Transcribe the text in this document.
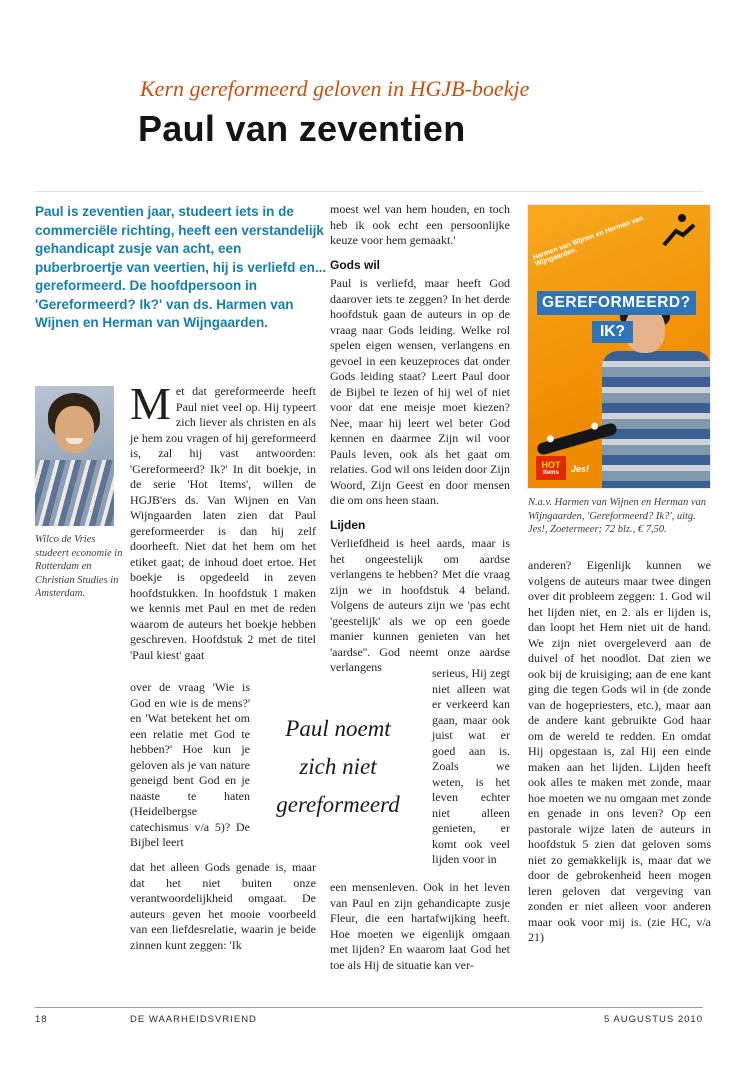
Kern gereformeerd geloven in HGJB-boekje
Paul van zeventien

Paul is zeventien jaar, studeert iets in de commerciële richting, heeft een verstandelijk gehandicapt zusje van acht, een puberbroertje van veertien, hij is verliefd en... gereformeerd. De hoofdpersoon in 'Gereformeerd? Ik?' van ds. Harmen van Wijnen en Herman van Wijngaarden.

Wilco de Vries studeert economie in Rotterdam en Christian Studies in Amsterdam.
Harmen van Wijnen en Herman van Wijngaarden.
GEREFORMEERD?
IK?
HOT
items Jes!
N.a.v. Harmen van Wijnen en Herman van Wijngaarden, 'Gereformeerd? Ik?', uitg. Jes!, Zoetermeer; 72 blz., € 7,50.
Met dat gereformeerde heeft Paul niet veel op. Hij typeert zich liever als christen en als je hem zou vragen of hij gereformeerd is, zal hij vast antwoorden: 'Gereformeerd? Ik?' In dit boekje, in de serie 'Hot Items', willen de HGJB'ers ds. Van Wijnen en Van Wijngaarden laten zien dat Paul gereformeerder is dan hij zelf doorheeft. Niet dat het hem om het etiket gaat; de inhoud doet ertoe. Het boekje is opgedeeld in zeven hoofdstukken. In hoofdstuk 1 maken we kennis met Paul en met de reden waarom de auteurs het boekje hebben geschreven. Hoofdstuk 2 met de titel 'Paul kiest' gaat
over de vraag 'Wie is God en wie is de mens?' en 'Wat betekent het om een relatie met God te hebben?' Hoe kun je geloven als je van nature geneigd bent God en je naaste te haten (Heidelbergse catechismus v/a 5)? De Bijbel leert
dat het alleen Gods genade is, maar dat het niet buiten onze verantwoordelijkheid omgaat. De auteurs geven het mooie voorbeeld van een liefdesrelatie, waarin je beide zinnen kunt zeggen: 'Ik
moest wel van hem houden, en toch heb ik ook echt een persoonlijke keuze voor hem gemaakt.'
Gods wil
Paul is verliefd, maar heeft God daarover iets te zeggen? In het derde hoofdstuk gaan de auteurs in op de vraag naar Gods leiding. Welke rol spelen eigen wensen, verlangens en gevoel in een keuzeproces dat onder Gods leiding staat? Leert Paul door de Bijbel te lezen of hij wel of niet voor dat ene meisje moet kiezen? Nee, maar hij leert wel beter God kennen en daarmee Zijn wil voor Pauls leven, ook als het gaat om relaties. God wil ons leiden door Zijn Woord, Zijn Geest en door mensen die om ons heen staan.
Lijden
Verliefdheid is heel aards, maar is het ongeestelijk om aardse verlangens te hebben? Met die vraag zijn we in hoofdstuk 4 beland. Volgens de auteurs zijn we 'pas echt 'geestelijk' als we op een goede manier kunnen genieten van het 'aardse''. God neemt onze aardse verlangens	serieus, Hij zegt niet alleen wat er verkeerd kan gaan, maar ook juist wat er goed aan is. Zoals we weten, is het leven echter niet alleen genieten, er komt ook veel lijden voor in
een mensenleven. Ook in het leven van Paul en zijn gehandicapte zusje Fleur, die een hartafwijking heeft. Hoe moeten we eigenlijk omgaan met lijden? En waarom laat God het toe als Hij de situatie kan ver-
Paul noemt zich niet gereformeerd
anderen? Eigenlijk kunnen we volgens de auteurs maar twee dingen over dit probleem zeggen: 1. God wil het lijden niet, en 2. als er lijden is, dan loopt het Hem niet uit de hand. We zijn niet overgeleverd aan de duivel of het noodlot. Dat zien we ook bij de kruisiging; aan de ene kant ging die tegen Gods wil in (de zonde van de hogepriesters, etc.), maar aan de andere kant gebruikte God haar om de wereld te redden. En omdat Hij opgestaan is, zal Hij een einde maken aan het lijden. Lijden heeft ook alles te maken met zonde, maar hoe moeten we nu omgaan met zonde en genade in ons leven? Op een pastorale wijze laten de auteurs in hoofdstuk 5 zien dat geloven soms niet zo gemakkelijk is, maar dat we door de gebrokenheid heen mogen leren geloven dat vergeving van zonden er niet alleen voor anderen maar ook voor mij is. (zie HC, v/a 21)
18	DE WAARHEIDSVRIEND	5 AUGUSTUS 2010
